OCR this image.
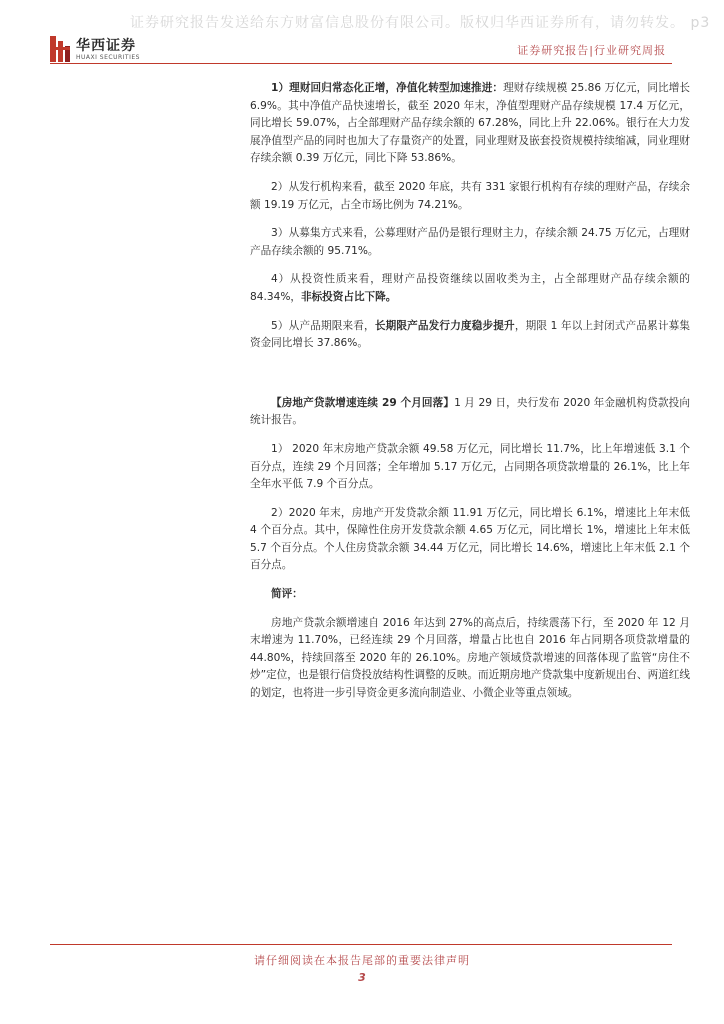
证券研究报告发送给东方财富信息股份有限公司。版权归华西证券所有，请勿转发。 p3
华西证券
HUAXI SECURITIES
证券研究报告|行业研究周报

1）理财回归常态化正增，净值化转型加速推进：理财存续规模 25.86 万亿元，同比增长 6.9%。其中净值产品快速增长，截至 2020 年末，净值型理财产品存续规模 17.4 万亿元，同比增长 59.07%，占全部理财产品存续余额的 67.28%，同比上升 22.06%。银行在大力发展净值型产品的同时也加大了存量资产的处置，同业理财及嵌套投资规模持续缩减，同业理财存续余额 0.39 万亿元，同比下降 53.86%。

2）从发行机构来看，截至 2020 年底，共有 331 家银行机构有存续的理财产品，存续余额 19.19 万亿元，占全市场比例为 74.21%。

3）从募集方式来看，公募理财产品仍是银行理财主力，存续余额 24.75 万亿元，占理财产品存续余额的 95.71%。

4）从投资性质来看，理财产品投资继续以固收类为主，占全部理财产品存续余额的 84.34%，非标投资占比下降。

5）从产品期限来看，长期限产品发行力度稳步提升，期限 1 年以上封闭式产品累计募集资金同比增长 37.86%。

【房地产贷款增速连续 29 个月回落】1 月 29 日，央行发布 2020 年金融机构贷款投向统计报告。

1） 2020 年末房地产贷款余额 49.58 万亿元，同比增长 11.7%，比上年增速低 3.1 个百分点，连续 29 个月回落；全年增加 5.17 万亿元，占同期各项贷款增量的 26.1%，比上年全年水平低 7.9 个百分点。

2）2020 年末，房地产开发贷款余额 11.91 万亿元，同比增长 6.1%，增速比上年末低 4 个百分点。其中，保障性住房开发贷款余额 4.65 万亿元，同比增长 1%，增速比上年末低 5.7 个百分点。个人住房贷款余额 34.44 万亿元，同比增长 14.6%，增速比上年末低 2.1 个百分点。

简评：

房地产贷款余额增速自 2016 年达到 27%的高点后，持续震荡下行，至 2020 年 12 月末增速为 11.70%，已经连续 29 个月回落，增量占比也自 2016 年占同期各项贷款增量的 44.80%，持续回落至 2020 年的 26.10%。房地产领域贷款增速的回落体现了监管“房住不炒”定位，也是银行信贷投放结构性调整的反映。而近期房地产贷款集中度新规出台、两道红线的划定，也将进一步引导资金更多流向制造业、小微企业等重点领域。

请仔细阅读在本报告尾部的重要法律声明
3
